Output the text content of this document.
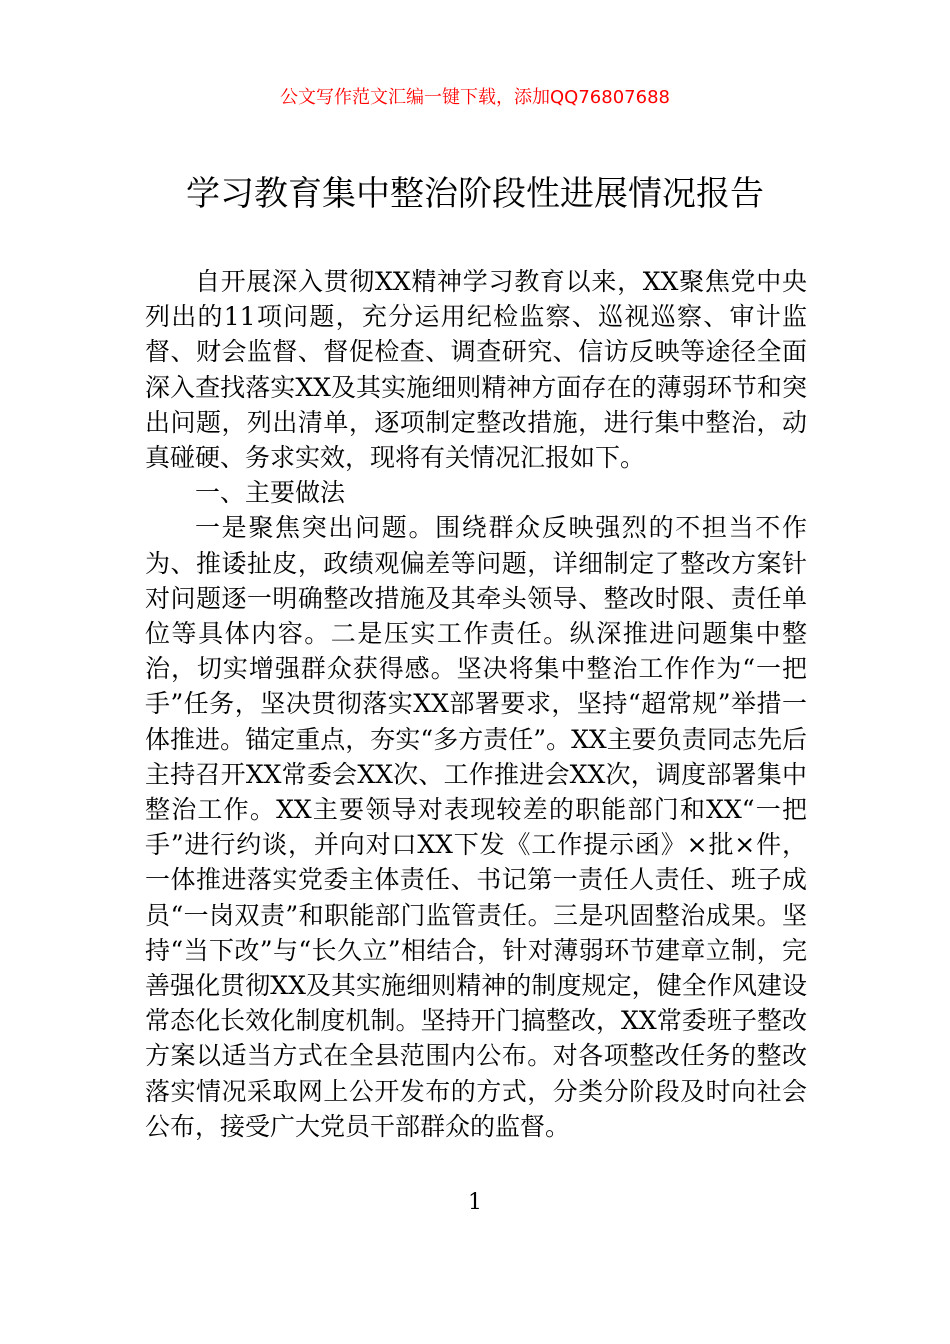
公文写作范文汇编一键下载，添加QQ76807688
学习教育集中整治阶段性进展情况报告

自开展深入贯彻XX精神学习教育以来，XX聚焦党中央列出的11项问题，充分运用纪检监察、巡视巡察、审计监督、财会监督、督促检查、调查研究、信访反映等途径全面深入查找落实XX及其实施细则精神方面存在的薄弱环节和突出问题，列出清单，逐项制定整改措施，进行集中整治，动真碰硬、务求实效，现将有关情况汇报如下。

一、主要做法

一是聚焦突出问题。围绕群众反映强烈的不担当不作为、推诿扯皮，政绩观偏差等问题，详细制定了整改方案针对问题逐一明确整改措施及其牵头领导、整改时限、责任单位等具体内容。二是压实工作责任。纵深推进问题集中整治，切实增强群众获得感。坚决将集中整治工作作为“一把手”任务，坚决贯彻落实XX部署要求，坚持“超常规”举措一体推进。锚定重点，夯实“多方责任”。XX主要负责同志先后主持召开XX常委会XX次、工作推进会XX次，调度部署集中整治工作。XX主要领导对表现较差的职能部门和XX“一把手”进行约谈，并向对口XX下发《工作提示函》×批×件，一体推进落实党委主体责任、书记第一责任人责任、班子成员“一岗双责”和职能部门监管责任。三是巩固整治成果。坚持“当下改”与“长久立”相结合，针对薄弱环节建章立制，完善强化贯彻XX及其实施细则精神的制度规定，健全作风建设常态化长效化制度机制。坚持开门搞整改，XX常委班子整改方案以适当方式在全县范围内公布。对各项整改任务的整改落实情况采取网上公开发布的方式，分类分阶段及时向社会公布，接受广大党员干部群众的监督。

1
